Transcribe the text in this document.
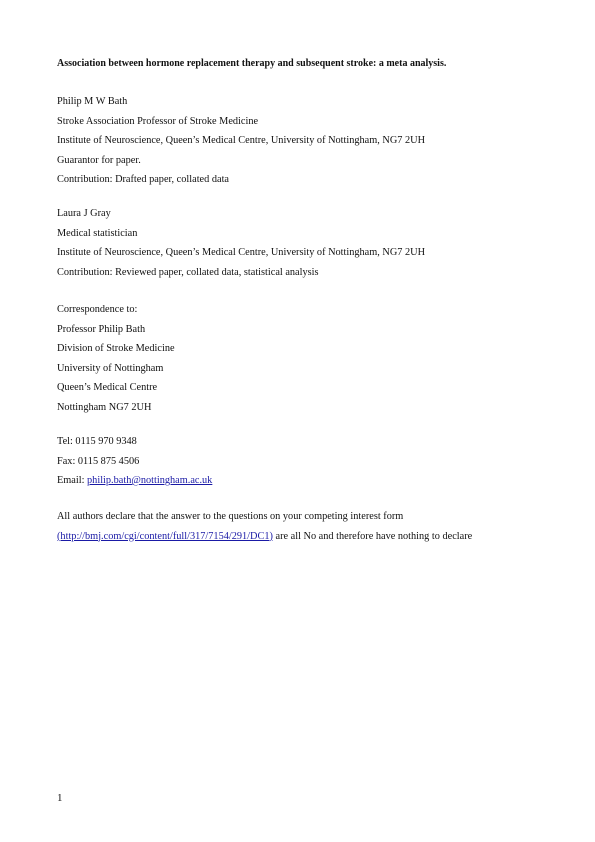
Association between hormone replacement therapy and subsequent stroke: a meta analysis.
Philip M W Bath
Stroke Association Professor of Stroke Medicine
Institute of Neuroscience, Queen’s Medical Centre, University of Nottingham, NG7 2UH
Guarantor for paper.
Contribution: Drafted paper, collated data
Laura J Gray
Medical statistician
Institute of Neuroscience, Queen’s Medical Centre, University of Nottingham, NG7 2UH
Contribution: Reviewed paper, collated data, statistical analysis
Correspondence to:
Professor Philip Bath
Division of Stroke Medicine
University of Nottingham
Queen’s Medical Centre
Nottingham NG7 2UH
Tel: 0115 970 9348
Fax: 0115 875 4506
Email: philip.bath@nottingham.ac.uk
All authors declare that the answer to the questions on your competing interest form
(http://bmj.com/cgi/content/full/317/7154/291/DC1) are all No and therefore have nothing to declare
1
